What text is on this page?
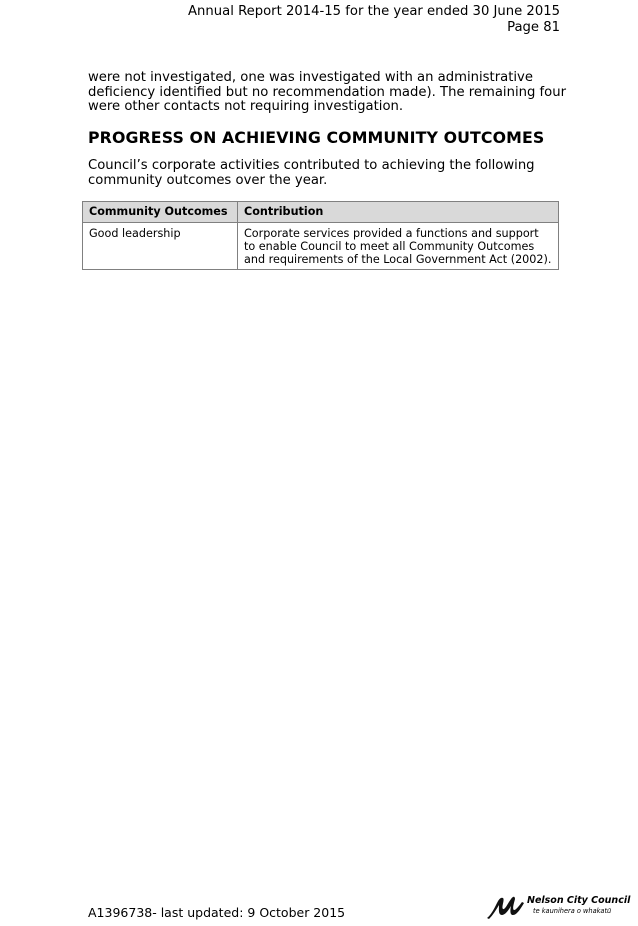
Annual Report 2014-15 for the year ended 30 June 2015
Page 81

were not investigated, one was investigated with an administrative deficiency identified but no recommendation made). The remaining four were other contacts not requiring investigation.

PROGRESS ON ACHIEVING COMMUNITY OUTCOMES

Council’s corporate activities contributed to achieving the following community outcomes over the year.

Community Outcomes	Contribution
Good leadership	Corporate services provided a functions and support to enable Council to meet all Community Outcomes and requirements of the Local Government Act (2002).
A1396738- last updated: 9 October 2015
Nelson City Council
te kaunihera o whakatū
